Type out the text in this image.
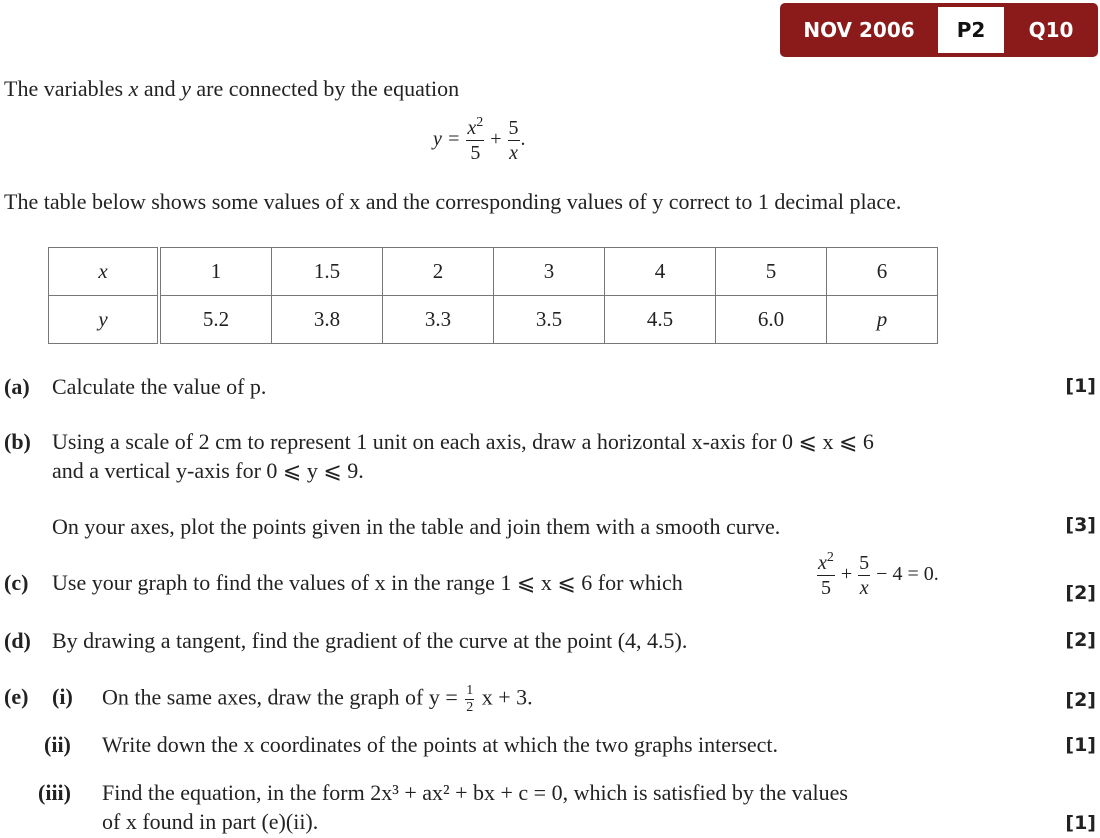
NOV 2006	P2	Q10
The variables x and y are connected by the equation
$y = \frac{x^2}{5} + \frac{5}{x}$ .
The table below shows some values of x and the corresponding values of y correct to 1 decimal place.
x	1	1.5	2	3	4	5	6
y	5.2	3.8	3.3	3.5	4.5	6.0	p
(a) Calculate the value of p.	[1]
(b) Using a scale of 2 cm to represent 1 unit on each axis, draw a horizontal x-axis for 0 ⩽ x ⩽ 6
and a vertical y-axis for 0 ⩽ y ⩽ 9.
On your axes, plot the points given in the table and join them with a smooth curve.	[3]
(c) Use your graph to find the values of x in the range 1 ⩽ x ⩽ 6 for which	$\frac{x^2}{5} + \frac{5}{x} - 4 = 0$.
[2]
(d) By drawing a tangent, find the gradient of the curve at the point (4, 4.5).	[2]
(e) (i) On the same axes, draw the graph of $y = \frac{1}{2}$ x + 3.	[2]
(ii) Write down the x coordinates of the points at which the two graphs intersect.	[1]
(iii) Find the equation, in the form 2x³ + ax² + bx + c = 0, which is satisfied by the values
of x found in part (e)(ii).	[1]
